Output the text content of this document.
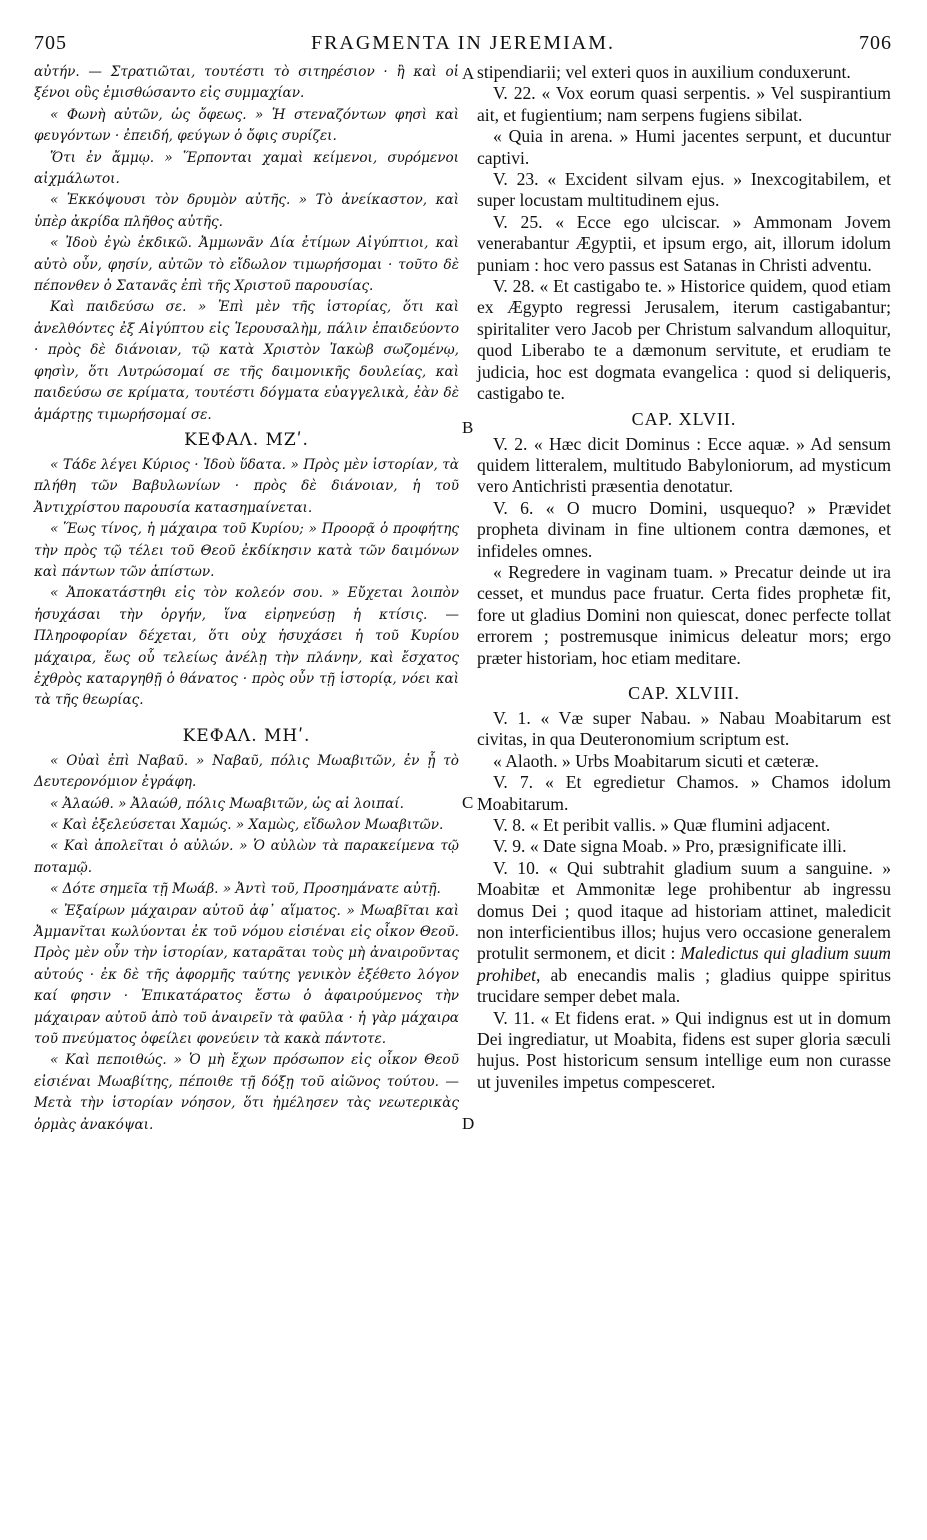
705	FRAGMENTA IN JEREMIAM.	706
A
B
C
D

αὐτήν. — Στρατιῶται, τουτέστι τὸ σιτηρέσιον · ἢ καὶ οἱ ξένοι οὓς ἐμισθώσαντο εἰς συμμαχίαν.

« Φωνὴ αὐτῶν, ὡς ὄφεως. » Ἡ στεναζόντων φησὶ καὶ φευγόντων · ἐπειδή, φεύγων ὁ ὄφις συρίζει.

Ὅτι ἐν ἄμμῳ. » Ἕρπονται χαμαὶ κείμενοι, συρόμενοι αἰχμάλωτοι.

« Ἐκκόψουσι τὸν δρυμὸν αὐτῆς. » Τὸ ἀνείκαστον, καὶ ὑπὲρ ἀκρίδα πλῆθος αὐτῆς.

« Ἰδοὺ ἐγὼ ἐκδικῶ. Ἀμμωνᾶν Δία ἐτίμων Αἰγύπτιοι, καὶ αὐτὸ οὖν, φησίν, αὐτῶν τὸ εἴδωλον τιμωρήσομαι · τοῦτο δὲ πέπονθεν ὁ Σατανᾶς ἐπὶ τῆς Χριστοῦ παρουσίας.

Καὶ παιδεύσω σε. » Ἐπὶ μὲν τῆς ἱστορίας, ὅτι καὶ ἀνελθόντες ἐξ Αἰγύπτου εἰς Ἱερουσαλὴμ, πάλιν ἐπαιδεύοντο · πρὸς δὲ διάνοιαν, τῷ κατὰ Χριστὸν Ἰακὼβ σωζομένῳ, φησὶν, ὅτι Λυτρώσομαί σε τῆς δαιμονικῆς δουλείας, καὶ παιδεύσω σε κρίματα, τουτέστι δόγματα εὐαγγελικὰ, ἐὰν δὲ ἁμάρτῃς τιμωρήσομαί σε.

ΚΕΦΑΛ. ΜΖʹ.

« Τάδε λέγει Κύριος · Ἰδοὺ ὕδατα. » Πρὸς μὲν ἱστορίαν, τὰ πλήθη τῶν Βαβυλωνίων · πρὸς δὲ διάνοιαν, ἡ τοῦ Ἀντιχρίστου παρουσία κατασημαίνεται.

« Ἕως τίνος, ἡ μάχαιρα τοῦ Κυρίου; » Προορᾷ ὁ προφήτης τὴν πρὸς τῷ τέλει τοῦ Θεοῦ ἐκδίκησιν κατὰ τῶν δαιμόνων καὶ πάντων τῶν ἀπίστων.

« Ἀποκατάστηθι εἰς τὸν κολεόν σου. » Εὔχεται λοιπὸν ἡσυχάσαι τὴν ὀργήν, ἵνα εἰρηνεύσῃ ἡ κτίσις. — Πληροφορίαν δέχεται, ὅτι οὐχ ἡσυχάσει ἡ τοῦ Κυρίου μάχαιρα, ἕως οὗ τελείως ἀνέλῃ τὴν πλάνην, καὶ ἔσχατος ἐχθρὸς καταργηθῇ ὁ θάνατος · πρὸς οὖν τῇ ἱστορίᾳ, νόει καὶ τὰ τῆς θεωρίας.

ΚΕΦΑΛ. ΜΗʹ.

« Οὐαὶ ἐπὶ Ναβαῦ. » Ναβαῦ, πόλις Μωαβιτῶν, ἐν ᾗ τὸ Δευτερονόμιον ἐγράφη.

« Ἀλαώθ. » Ἀλαώθ, πόλις Μωαβιτῶν, ὡς αἱ λοιπαί.

« Καὶ ἐξελεύσεται Χαμώς. » Χαμὼς, εἴδωλον Μωαβιτῶν.

« Καὶ ἀπολεῖται ὁ αὐλών. » Ὁ αὐλὼν τὰ παρακείμενα τῷ ποταμῷ.

« Δότε σημεῖα τῇ Μωάβ. » Ἀντὶ τοῦ, Προσημάνατε αὐτῇ.

« Ἐξαίρων μάχαιραν αὐτοῦ ἀφ᾽ αἵματος. » Μωαβῖται καὶ Ἀμμανῖται κωλύονται ἐκ τοῦ νόμου εἰσιέναι εἰς οἶκον Θεοῦ. Πρὸς μὲν οὖν τὴν ἱστορίαν, καταρᾶται τοὺς μὴ ἀναιροῦντας αὐτούς · ἐκ δὲ τῆς ἀφορμῆς ταύτης γενικὸν ἐξέθετο λόγον καί φησιν · Ἐπικατάρατος ἔστω ὁ ἀφαιρούμενος τὴν μάχαιραν αὐτοῦ ἀπὸ τοῦ ἀναιρεῖν τὰ φαῦλα · ἡ γὰρ μάχαιρα τοῦ πνεύματος ὀφείλει φονεύειν τὰ κακὰ πάντοτε.

« Καὶ πεποιθώς. » Ὁ μὴ ἔχων πρόσωπον εἰς οἶκον Θεοῦ εἰσιέναι Μωαβίτης, πέποιθε τῇ δόξῃ τοῦ αἰῶνος τούτου. — Μετὰ τὴν ἱστορίαν νόησον, ὅτι ἠμέλησεν τὰς νεωτερικὰς ὁρμὰς ἀνακόψαι.

stipendiarii; vel exteri quos in auxilium conduxerunt.

V. 22. « Vox eorum quasi serpentis. » Vel suspirantium ait, et fugientium; nam serpens fugiens sibilat.

« Quia in arena. » Humi jacentes serpunt, et ducuntur captivi.

V. 23. « Excident silvam ejus. » Inexcogitabilem, et super locustam multitudinem ejus.

V. 25. « Ecce ego ulciscar. » Ammonam Jovem venerabantur Ægyptii, et ipsum ergo, ait, illorum idolum puniam : hoc vero passus est Satanas in Christi adventu.

V. 28. « Et castigabo te. » Historice quidem, quod etiam ex Ægypto regressi Jerusalem, iterum castigabantur; spiritaliter vero Jacob per Christum salvandum alloquitur, quod Liberabo te a dæmonum servitute, et erudiam te judicia, hoc est dogmata evangelica : quod si deliqueris, castigabo te.

CAP. XLVII.

V. 2. « Hæc dicit Dominus : Ecce aquæ. » Ad sensum quidem litteralem, multitudo Babyloniorum, ad mysticum vero Antichristi præsentia denotatur.

V. 6. « O mucro Domini, usquequo? » Prævidet propheta divinam in fine ultionem contra dæmones, et infideles omnes.

« Regredere in vaginam tuam. » Precatur deinde ut ira cesset, et mundus pace fruatur. Certa fides prophetæ fit, fore ut gladius Domini non quiescat, donec perfecte tollat errorem ; postremusque inimicus deleatur mors; ergo præter historiam, hoc etiam meditare.

CAP. XLVIII.

V. 1. « Væ super Nabau. » Nabau Moabitarum est civitas, in qua Deuteronomium scriptum est.

« Alaoth. » Urbs Moabitarum sicuti et cæteræ.

V. 7. « Et egredietur Chamos. » Chamos idolum Moabitarum.

V. 8. « Et peribit vallis. » Quæ flumini adjacent.

V. 9. « Date signa Moab. » Pro, præsignificate illi.

V. 10. « Qui subtrahit gladium suum a sanguine. » Moabitæ et Ammonitæ lege prohibentur ab ingressu domus Dei ; quod itaque ad historiam attinet, maledicit non interficientibus illos; hujus vero occasione generalem protulit sermonem, et dicit : Maledictus qui gladium suum prohibet, ab enecandis malis ; gladius quippe spiritus trucidare semper debet mala.

V. 11. « Et fidens erat. » Qui indignus est ut in domum Dei ingrediatur, ut Moabita, fidens est super gloria sæculi hujus. Post historicum sensum intellige eum non curasse ut juveniles impetus compesceret.
